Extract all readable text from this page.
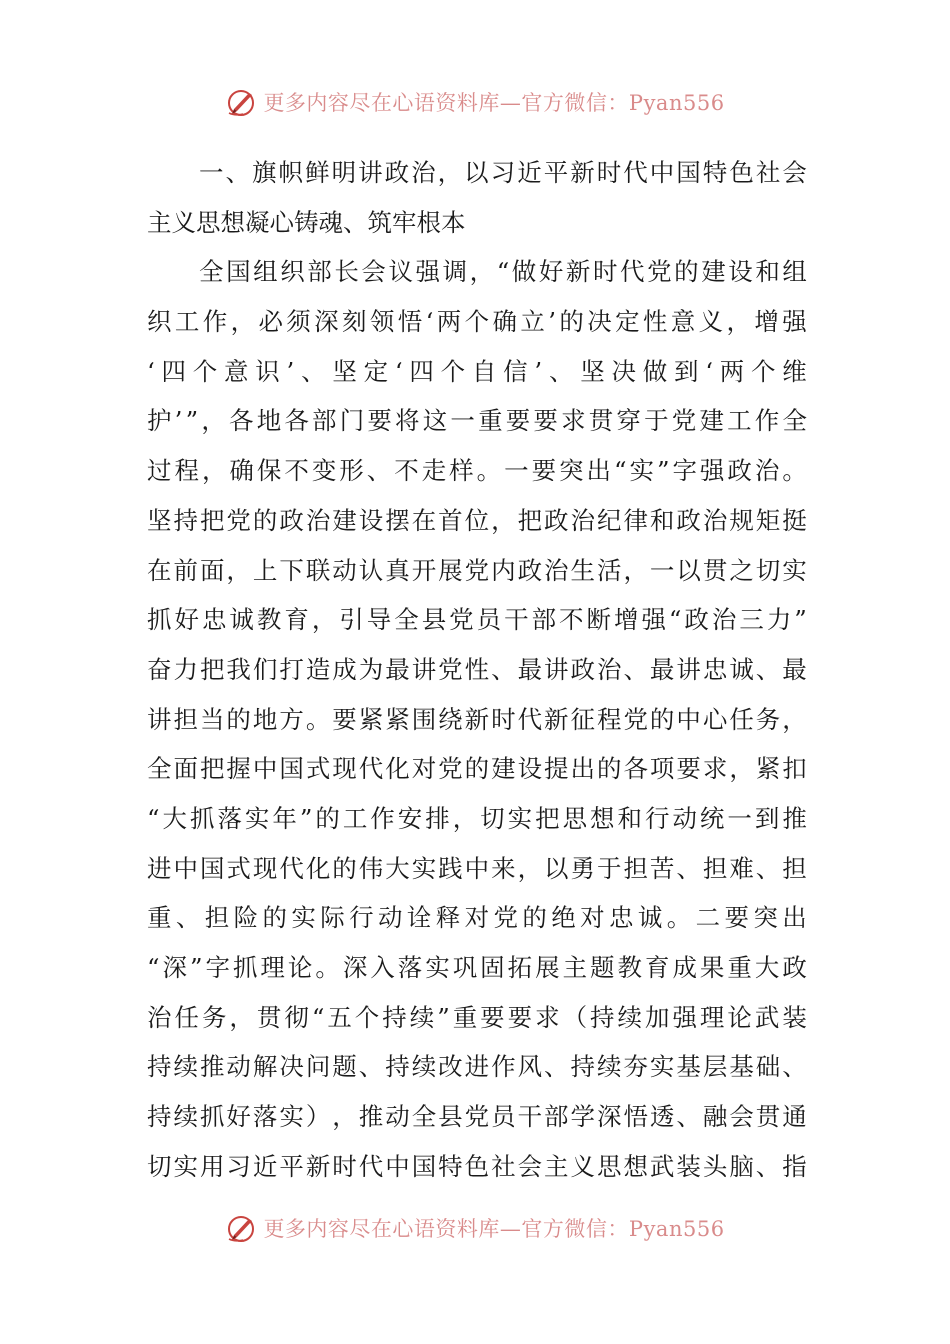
更多内容尽在心语资料库—官方微信：Pyan556
一 、 旗 帜 鲜 明 讲 政 治 ， 以 习 近 平 新 时 代 中 国 特 色 社 会
主 义 思 想 凝 心 铸 魂 、 筑 牢 根 本
全 国 组 织 部 长 会 议 强 调 ， “ 做 好 新 时 代 党 的 建 设 和 组
织 工 作 ， 必 须 深 刻 领 悟 ‘ 两 个 确 立 ’ 的 决 定 性 意 义 ， 增 强
‘ 四 个 意 识 ’ 、 坚 定 ‘ 四 个 自 信 ’ 、 坚 决 做 到 ‘ 两 个 维
护 ’ ” ， 各 地 各 部 门 要 将 这 一 重 要 要 求 贯 穿 于 党 建 工 作 全
过 程 ， 确 保 不 变 形 、 不 走 样 。 一 要 突 出 “ 实 ” 字 强 政 治 。
坚 持 把 党 的 政 治 建 设 摆 在 首 位 ， 把 政 治 纪 律 和 政 治 规 矩 挺
在 前 面 ， 上 下 联 动 认 真 开 展 党 内 政 治 生 活 ， 一 以 贯 之 切 实
抓 好 忠 诚 教 育 ， 引 导 全 县 党 员 干 部 不 断 增 强 “ 政 治 三 力 ”
奋 力 把 我 们 打 造 成 为 最 讲 党 性 、 最 讲 政 治 、 最 讲 忠 诚 、 最
讲 担 当 的 地 方 。 要 紧 紧 围 绕 新 时 代 新 征 程 党 的 中 心 任 务 ，
全 面 把 握 中 国 式 现 代 化 对 党 的 建 设 提 出 的 各 项 要 求 ， 紧 扣
“ 大 抓 落 实 年 ” 的 工 作 安 排 ， 切 实 把 思 想 和 行 动 统 一 到 推
进 中 国 式 现 代 化 的 伟 大 实 践 中 来 ， 以 勇 于 担 苦 、 担 难 、 担
重 、 担 险 的 实 际 行 动 诠 释 对 党 的 绝 对 忠 诚 。 二 要 突 出
“ 深 ” 字 抓 理 论 。 深 入 落 实 巩 固 拓 展 主 题 教 育 成 果 重 大 政
治 任 务 ， 贯 彻 “ 五 个 持 续 ” 重 要 要 求 （ 持 续 加 强 理 论 武 装
持 续 推 动 解 决 问 题 、 持 续 改 进 作 风 、 持 续 夯 实 基 层 基 础 、
持 续 抓 好 落 实 ） ， 推 动 全 县 党 员 干 部 学 深 悟 透 、 融 会 贯 通
切 实 用 习 近 平 新 时 代 中 国 特 色 社 会 主 义 思 想 武 装 头 脑 、 指
更多内容尽在心语资料库—官方微信：Pyan556
